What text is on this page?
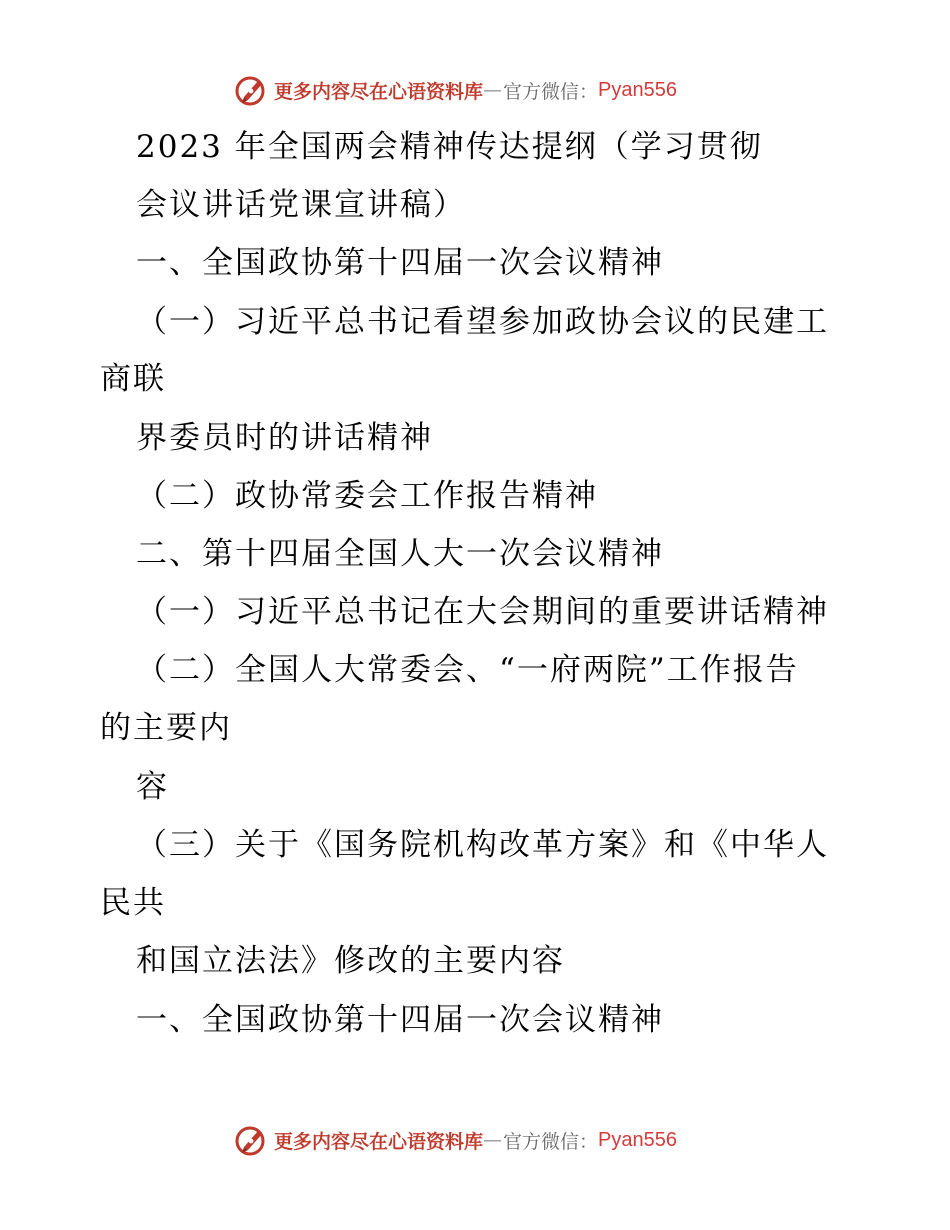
更多内容尽在心语资料库 — 官方微信： Pyan556
2023 年全国两会精神传达提纲（学习贯彻
会议讲话党课宣讲稿）
一、全国政协第十四届一次会议精神
（一）习近平总书记看望参加政协会议的民建工
商联
界委员时的讲话精神
（二）政协常委会工作报告精神
二、第十四届全国人大一次会议精神
（一）习近平总书记在大会期间的重要讲话精神
（二）全国人大常委会、“一府两院”工作报告
的主要内
容
（三）关于《国务院机构改革方案》和《中华人
民共
和国立法法》修改的主要内容
一、全国政协第十四届一次会议精神
更多内容尽在心语资料库 — 官方微信： Pyan556
